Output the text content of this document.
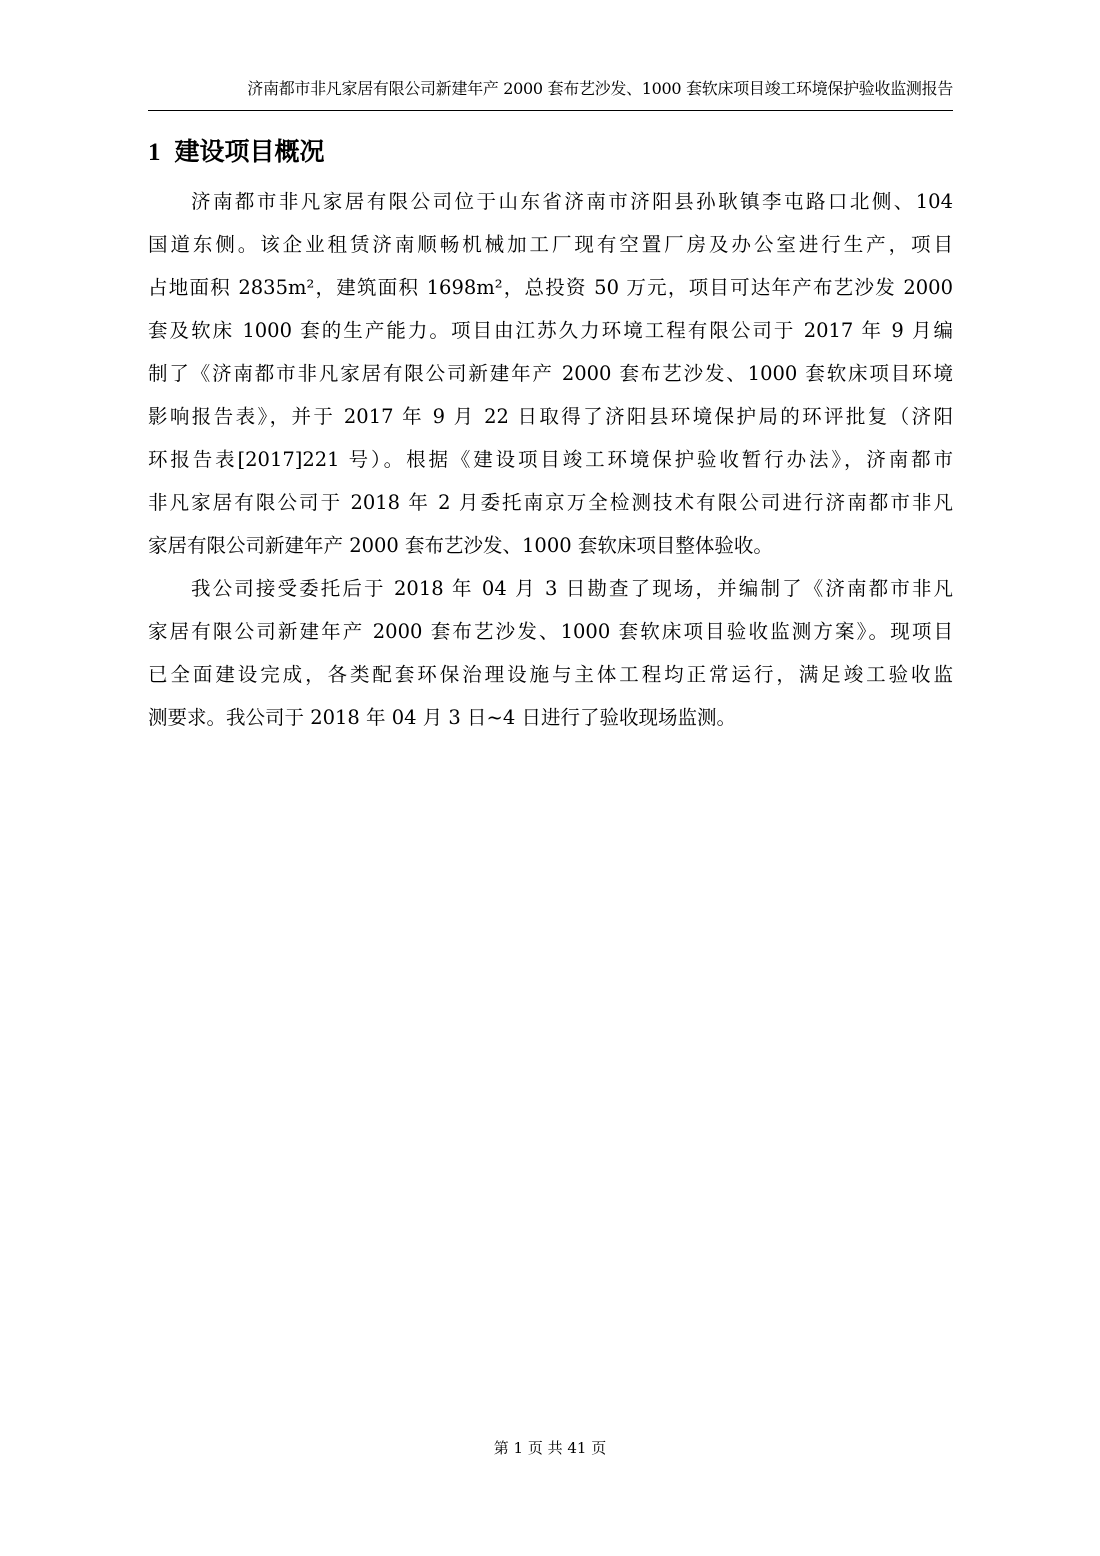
济南都市非凡家居有限公司新建年产 2000 套布艺沙发、1000 套软床项目竣工环境保护验收监测报告
1 建设项目概况
济南都市非凡家居有限公司位于山东省济南市济阳县孙耿镇李屯路口北侧、104
国道东侧。该企业租赁济南顺畅机械加工厂现有空置厂房及办公室进行生产，项目
占地面积 2835m²，建筑面积 1698m²，总投资 50 万元，项目可达年产布艺沙发 2000
套及软床 1000 套的生产能力。项目由江苏久力环境工程有限公司于 2017 年 9 月编
制了《济南都市非凡家居有限公司新建年产 2000 套布艺沙发、1000 套软床项目环境
影响报告表》，并于 2017 年 9 月 22 日取得了济阳县环境保护局的环评批复（济阳
环报告表[2017]221 号）。根据《建设项目竣工环境保护验收暂行办法》，济南都市
非凡家居有限公司于 2018 年 2 月委托南京万全检测技术有限公司进行济南都市非凡
家居有限公司新建年产 2000 套布艺沙发、1000 套软床项目整体验收。
我公司接受委托后于 2018 年 04 月 3 日勘查了现场，并编制了《济南都市非凡
家居有限公司新建年产 2000 套布艺沙发、1000 套软床项目验收监测方案》。现项目
已全面建设完成，各类配套环保治理设施与主体工程均正常运行，满足竣工验收监
测要求。我公司于 2018 年 04 月 3 日~4 日进行了验收现场监测。
第 1 页 共 41 页
